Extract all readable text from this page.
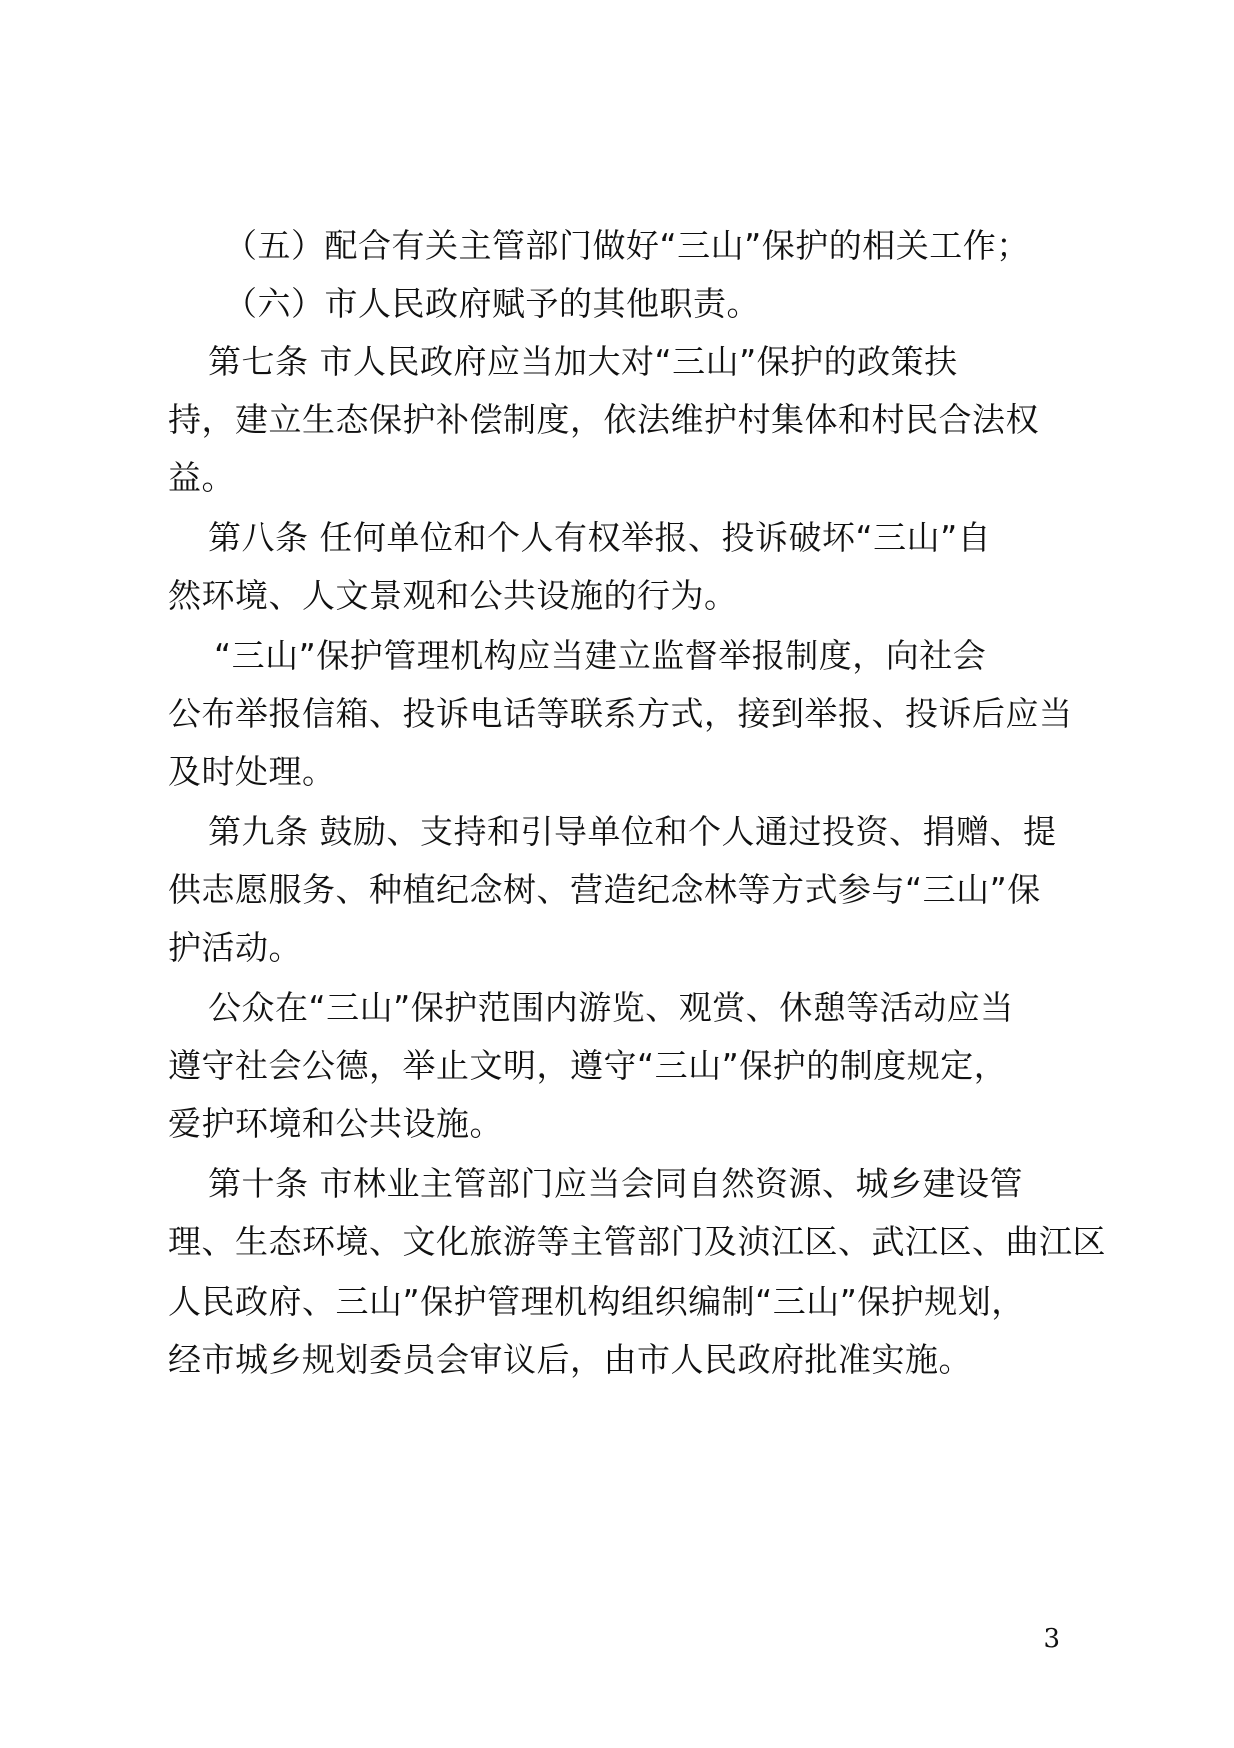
（五）配合有关主管部门做好“三山”保护的相关工作；
（六）市人民政府赋予的其他职责。
第七条 市人民政府应当加大对“三山”保护的政策扶
持，建立生态保护补偿制度，依法维护村集体和村民合法权
益。
第八条 任何单位和个人有权举报、投诉破坏“三山”自
然环境、人文景观和公共设施的行为。
“三山”保护管理机构应当建立监督举报制度，向社会
公布举报信箱、投诉电话等联系方式，接到举报、投诉后应当
及时处理。
第九条 鼓励、支持和引导单位和个人通过投资、捐赠、提
供志愿服务、种植纪念树、营造纪念林等方式参与“三山”保
护活动。
公众在“三山”保护范围内游览、观赏、休憩等活动应当
遵守社会公德，举止文明，遵守“三山”保护的制度规定，
爱护环境和公共设施。
第十条 市林业主管部门应当会同自然资源、城乡建设管
理、生态环境、文化旅游等主管部门及浈江区、武江区、曲江区
人民政府、三山”保护管理机构组织编制“三山”保护规划，
经市城乡规划委员会审议后，由市人民政府批准实施。
3
